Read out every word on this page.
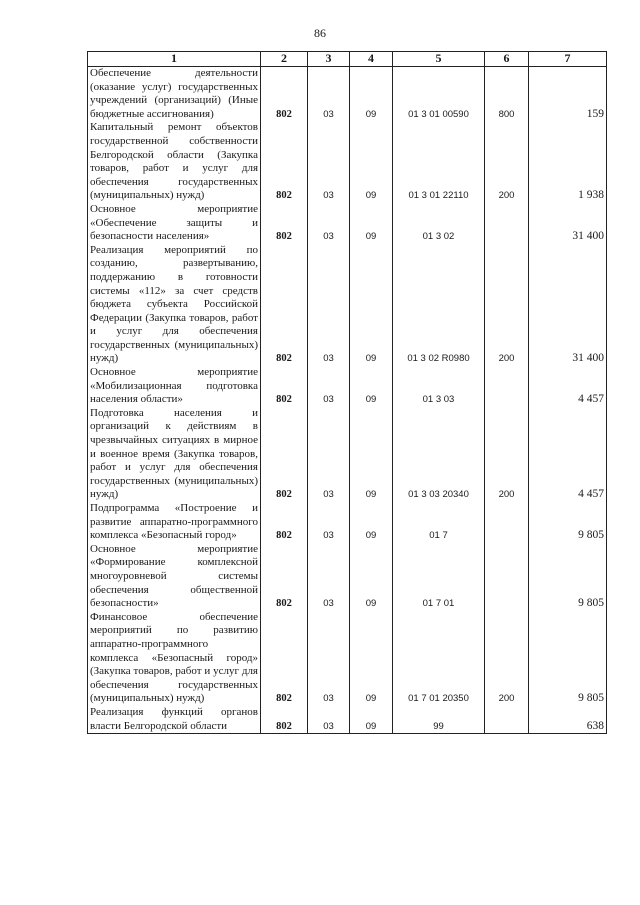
86
1	2	3	4	5	6	7
Обеспечение деятельности (оказание услуг) государственных учреждений (организаций) (Иные бюджетные ассигнования)	802	03	09	01 3 01 00590	800	159
Капитальный ремонт объектов государственной собственности Белгородской области (Закупка товаров, работ и услуг для обеспечения государственных (муниципальных) нужд)	802	03	09	01 3 01 22110	200	1 938
Основное мероприятие «Обеспечение защиты и безопасности населения»	802	03	09	01 3 02		31 400
Реализация мероприятий по созданию, развертыванию, поддержанию в готовности системы «112» за счет средств бюджета субъекта Российской Федерации (Закупка товаров, работ и услуг для обеспечения государственных (муниципальных) нужд)	802	03	09	01 3 02 R0980	200	31 400
Основное мероприятие «Мобилизационная подготовка населения области»	802	03	09	01 3 03		4 457
Подготовка населения и организаций к действиям в чрезвычайных ситуациях в мирное и военное время (Закупка товаров, работ и услуг для обеспечения государственных (муниципальных) нужд)	802	03	09	01 3 03 20340	200	4 457
Подпрограмма «Построение и развитие аппаратно-программного комплекса «Безопасный город»	802	03	09	01 7		9 805
Основное мероприятие «Формирование комплексной многоуровневой системы обеспечения общественной безопасности»	802	03	09	01 7 01		9 805
Финансовое обеспечение мероприятий по развитию аппаратно-программного комплекса «Безопасный город» (Закупка товаров, работ и услуг для обеспечения государственных (муниципальных) нужд)	802	03	09	01 7 01 20350	200	9 805
Реализация функций органов власти Белгородской области	802	03	09	99		638
